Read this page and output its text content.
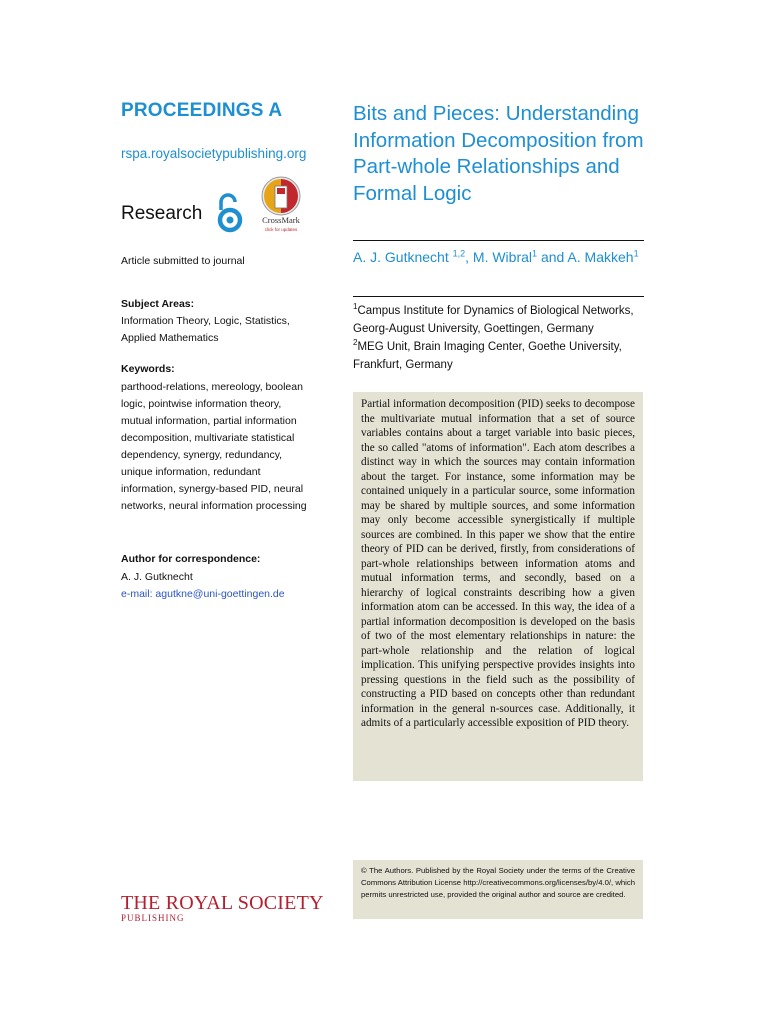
PROCEEDINGS A
rspa.royalsocietypublishing.org
Research	CrossMark
click for updates
Article submitted to journal
Subject Areas:
Information Theory, Logic, Statistics, Applied Mathematics
Keywords:
parthood-relations, mereology, boolean logic, pointwise information theory, mutual information, partial information decomposition, multivariate statistical dependency, synergy, redundancy, unique information, redundant information, synergy-based PID, neural networks, neural information processing
Author for correspondence:
A. J. Gutknecht
e-mail: agutkne@uni-goettingen.de
THE ROYAL SOCIETY
PUBLISHING
Bits and Pieces: Understanding Information Decomposition from Part-whole Relationships and Formal Logic
A. J. Gutknecht $^{1,2}$, M. Wibral$^1$ and A. Makkeh$^1$
$^1$Campus Institute for Dynamics of Biological Networks, Georg-August University, Goettingen, Germany
$^2$MEG Unit, Brain Imaging Center, Goethe University, Frankfurt, Germany

Partial information decomposition (PID) seeks to decompose the multivariate mutual information that a set of source variables contains about a target variable into basic pieces, the so called "atoms of information". Each atom describes a distinct way in which the sources may contain information about the target. For instance, some information may be contained uniquely in a particular source, some information may be shared by multiple sources, and some information may only become accessible synergistically if multiple sources are combined. In this paper we show that the entire theory of PID can be derived, firstly, from considerations of part-whole relationships between information atoms and mutual information terms, and secondly, based on a hierarchy of logical constraints describing how a given information atom can be accessed. In this way, the idea of a partial information decomposition is developed on the basis of two of the most elementary relationships in nature: the part-whole relationship and the relation of logical implication. This unifying perspective provides insights into pressing questions in the field such as the possibility of constructing a PID based on concepts other than redundant information in the general n-sources case. Additionally, it admits of a particularly accessible exposition of PID theory.

© The Authors. Published by the Royal Society under the terms of the Creative Commons Attribution License http://creativecommons.org/licenses/by/4.0/, which permits unrestricted use, provided the original author and source are credited.
